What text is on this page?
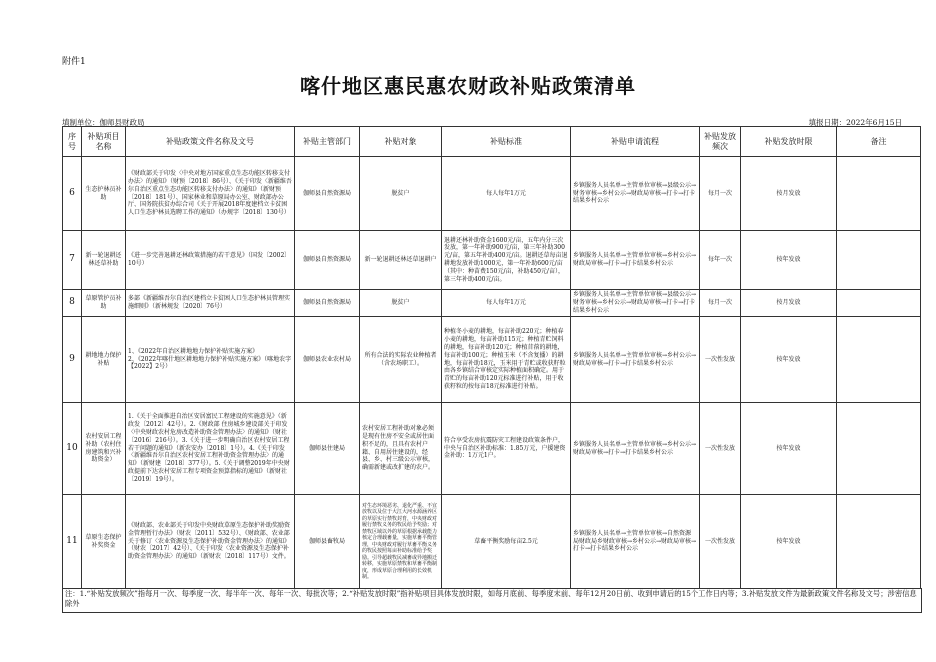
附件1
喀什地区惠民惠农财政补贴政策清单
填制单位：伽师县财政局	填报日期：2022年6月15日
序号	补贴项目名称	补贴政策文件名称及文号	补贴主管部门	补贴对象	补贴标准	补贴申请流程	补贴发放频次	补贴发放时限	备注
6	生态护林员补助	《财政部关于印发〈中央对地方国家重点生态功能区转移支付办法〉的通知》（财预〔2018〕86号）、《关于印发〈新疆维吾尔自治区重点生态功能区转移支付办法〉的通知》（新财预〔2018〕181号）、国家林业和草原局办公室、财政部办公厅、国务院扶贫办综合司《关于开展2018年度建档立卡贫困人口生态护林员选聘工作的通知》（办规字〔2018〕130号）	伽师县自然资源局	脱贫户	每人每年1万元	乡镇服务人员名单→主管单位审核→县级公示→财务审核→乡村公示→财政局审核→打卡→打卡结果乡村公示	每月一次	按月发放	
7	新一轮退耕还林还草补助	《进一步完善退耕还林政策措施的若干意见》（国发〔2002〕10号）	伽师县自然资源局	新一轮退耕还林还草退耕户	退耕还林补助资金1600元/亩，五年内分三次发放，第一年补助900元/亩，第三年补助300元/亩，第五年补助400元/亩。退耕还草每亩退耕地发放补助1000元，第一年补助600元/亩（其中：种苗费150元/亩，补助450元/亩），第三年补助400元/亩。	乡镇服务人员名单→主管单位审核→乡村公示→财政局审核→打卡→打卡结果乡村公示	每年一次	按年发放	
8	草原管护员补助	多部《新疆维吾尔自治区建档立卡贫困人口生态护林员管理实施细则》（新林规发〔2020〕76号）	伽师县自然资源局	脱贫户	每人每年1万元	乡镇服务人员名单→主管单位审核→县级公示→财务审核→乡村公示→财政局审核→打卡→打卡结果乡村公示	每月一次	按月发放	
9	耕地地力保护补贴	1、《2022年自治区耕地地力保护补贴实施方案》
2、《2022年喀什地区耕地地力保护补贴实施方案》（喀地农字【2022】2号）	伽师县农业农村局	所有合法的实际农业种植者（含农场职工）。	种植冬小麦的耕地，每亩补助220元；种植春小麦的耕地，每亩补助115元；种植青贮饲料的耕地，每亩补助120元；种植苜蓿的耕地，每亩补助100元；种植玉米（不含复播）的耕地，每亩补助18元，玉米用于青贮或收获籽粒由各乡镇结合审核定实际种植面积确定。用于青贮的每亩补助120元标准进行补贴，用于收获籽粒的按每亩18元标准进行补贴。	乡镇服务人员名单→主管单位审核→乡村公示→财政局审核→打卡→打卡结果乡村公示	一次性发放	按年发放	
10	农村安居工程补助（农村住房建筑和兴补助资金）	1.《关于全面推进自治区安居富民工程建设的实施意见》（新政发〔2012〕42号）。2.《财政部 住房城乡建设部关于印发〈中央财政农村危房改造补助资金管理办法〉的通知》（财社〔2016〕216号）。3.《关于进一步明确自治区农村安居工程若干问题的通知》（新农安办〔2018〕1号）。4.《关于印发〈新疆维吾尔自治区农村安居工程补助资金管理办法〉的通知》（新财建〔2018〕377号）。5.《关于调整2019年中央财政提前下达农村安居工程专项资金预算指标的通知》（新财社〔2019〕19号）。	伽师县住建局	农村安居工程补助对象必须是现有住房不安全或居住面积不足的，且具有农村户籍、自用居住建设的，经县、乡、村三级公示审核，确需新建或改扩建的农户。	符合享受农房抗震防灾工程建设政策条件户，中央与自治区补助标准：1.85万元，户援建资金补助：1万元1户。	乡镇服务人员名单→主管单位审核→乡村公示→财政局审核→打卡→打卡结果乡村公示	一次性发放	按年发放	
11	草原生态保护补奖资金	《财政部、农业部关于印发中央财政草原生态保护补助奖励资金管理暂行办法》（财农〔2011〕532号）、《财政部、农业部关于修订〈农业资源及生态保护补助资金管理办法〉的通知》（财农〔2017〕42号）、《关于印发〈农业资源及生态保护补助资金管理办法〉的通知》（新财农〔2018〕117号）文件。	伽师县畜牧局	对生态环境恶劣、退化严重、不宜放牧以及位于大江大河水源涵养区的草原实行禁牧封育，中央财政对履行禁牧义务的牧民给予奖励；对禁牧区域以外的草原根据承载能力核定合理载畜量，实施草畜平衡管理，中央财政对履行草畜平衡义务的牧民按照每亩补助标准给予奖励。引导超载牧民减畜或异地搬迁转移，实施草原禁牧和草畜平衡制度，形成草原合理利用的长效机制。	草畜平衡奖励每亩2.5元	乡镇服务人员名单→主管单位审核→自然资源局财政局乡财政审核→乡村公示→财政局审核→打卡→打卡结果乡村公示	一次性发放	按年发放	
注：1.“补贴发放频次”指每月一次、每季度一次、每半年一次、每年一次、每批次等；2.“补贴发放时限”指补贴项目具体发放时限，如每月底前、每季度末前、每年12月20日前、收到申请后的15个工作日内等；3.补贴发放文件为最新政策文件名称及文号；涉密信息除外
